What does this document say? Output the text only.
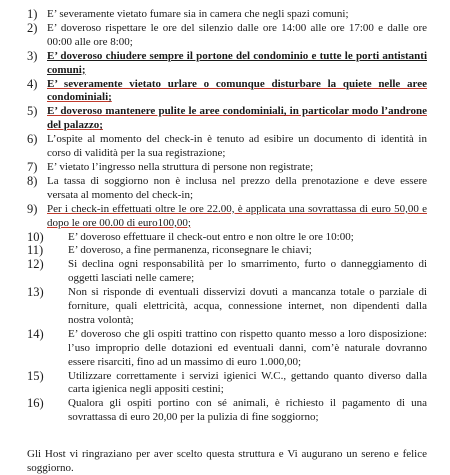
1) E’ severamente vietato fumare sia in camera che negli spazi comuni;
2) E’ doveroso rispettare le ore del silenzio dalle ore 14:00 alle ore 17:00 e dalle ore 00:00 alle ore 8:00;
3) E’ doveroso chiudere sempre il portone del condominio e tutte le porti antistanti comuni;
4) E’ severamente vietato urlare o comunque disturbare la quiete nelle aree condominiali;
5) E’ doveroso mantenere pulite le aree condominiali, in particolar modo l’androne del palazzo;
6) L’ospite al momento del check-in è tenuto ad esibire un documento di identità in corso di validità per la sua registrazione;
7) E’ vietato l’ingresso nella struttura di persone non registrate;
8) La tassa di soggiorno non è inclusa nel prezzo della prenotazione e deve essere versata al momento del check-in;
9) Per i check-in effettuati oltre le ore 22.00, è applicata una sovrattassa di euro 50,00 e dopo le ore 00.00 di euro100,00;
10)	E’ doveroso effettuare il check-out entro e non oltre le ore 10:00;
11)	E’ doveroso, a fine permanenza, riconsegnare le chiavi;
12)	Si declina ogni responsabilità per lo smarrimento, furto o danneggiamento di oggetti lasciati nelle camere;
13)	Non si risponde di eventuali disservizi dovuti a mancanza totale o parziale di forniture, quali elettricità, acqua, connessione internet, non dipendenti dalla nostra volontà;
14)	E’ doveroso che gli ospiti trattino con rispetto quanto messo a loro disposizione: l’uso improprio delle dotazioni ed eventuali danni, com’è naturale dovranno essere risarciti, fino ad un massimo di euro 1.000,00;
15)	Utilizzare correttamente i servizi igienici W.C., gettando quanto diverso dalla carta igienica negli appositi cestini;
16)	Qualora gli ospiti portino con sé animali, è richiesto il pagamento di una sovrattassa di euro 20,00 per la pulizia di fine soggiorno;
Gli Host vi ringraziano per aver scelto questa struttura e Vi augurano un sereno e felice soggiorno.
